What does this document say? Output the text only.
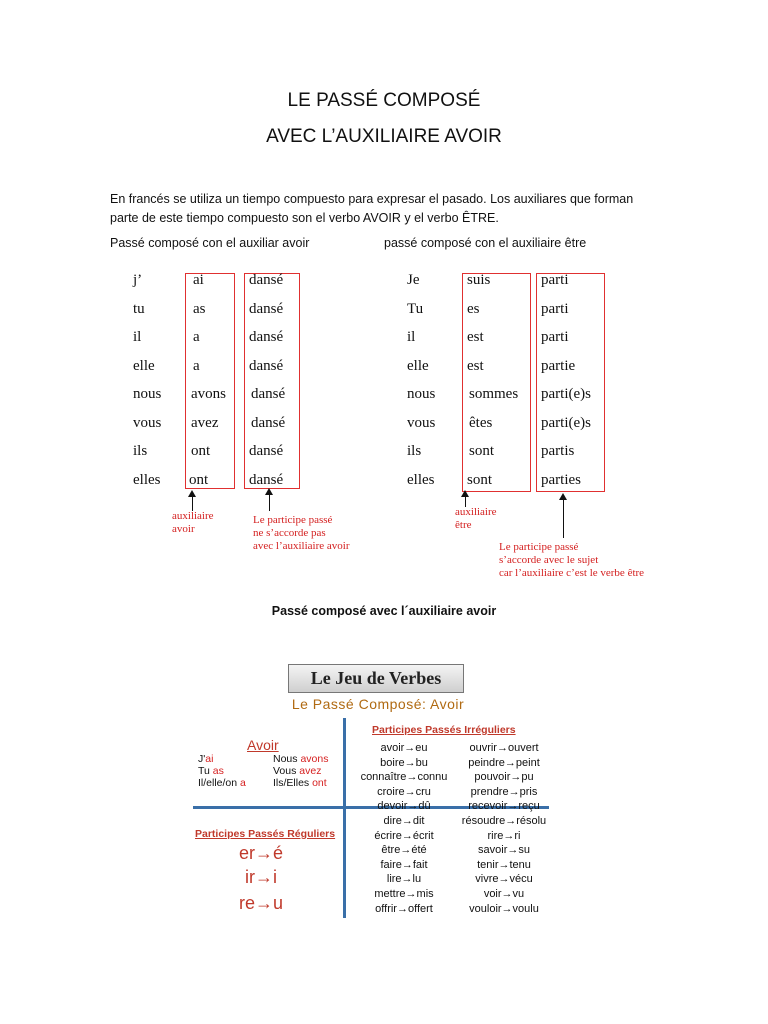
LE PASSÉ COMPOSÉ
AVEC L’AUXILIAIRE AVOIR
En francés se utiliza un tiempo compuesto para expresar el pasado. Los auxiliares que forman
parte de este tiempo compuesto son el verbo AVOIR y el verbo ÊTRE.
Passé composé con el auxiliar avoir	passé composé con el auxiliaire être
j’
tu
il
elle
nous
vous
ils
elles
ai
as
a
a
avons
avez
ont
ont
dansé
dansé
dansé
dansé
dansé
dansé
dansé
dansé
auxiliaire
avoir
Le participe passé
ne s’accorde pas
avec l’auxiliaire avoir
Je
Tu
il
elle
nous
vous
ils
elles
suis
es
est
est
sommes
êtes
sont
sont
parti
parti
parti
partie
parti(e)s
parti(e)s
partis
parties
auxiliaire
être
Le participe passé
s’accorde avec le sujet
car l’auxiliaire c’est le verbe être
Passé composé avec l´auxiliaire avoir
Le Jeu de Verbes
Le Passé Composé: Avoir
Avoir
J'ai
Tu as
Il/elle/on a
Nous avons
Vous avez
Ils/Elles ont
Participes Passés Réguliers
er→é
ir→i
re→u
Participes Passés Irréguliers
avoir→eu
boire→bu
connaître→connu
croire→cru
devoir→dû
dire→dit
écrire→écrit
être→été
faire→fait
lire→lu
mettre→mis
offrir→offert
ouvrir→ouvert
peindre→peint
pouvoir→pu
prendre→pris
recevoir→reçu
résoudre→résolu
rire→ri
savoir→su
tenir→tenu
vivre→vécu
voir→vu
vouloir→voulu
